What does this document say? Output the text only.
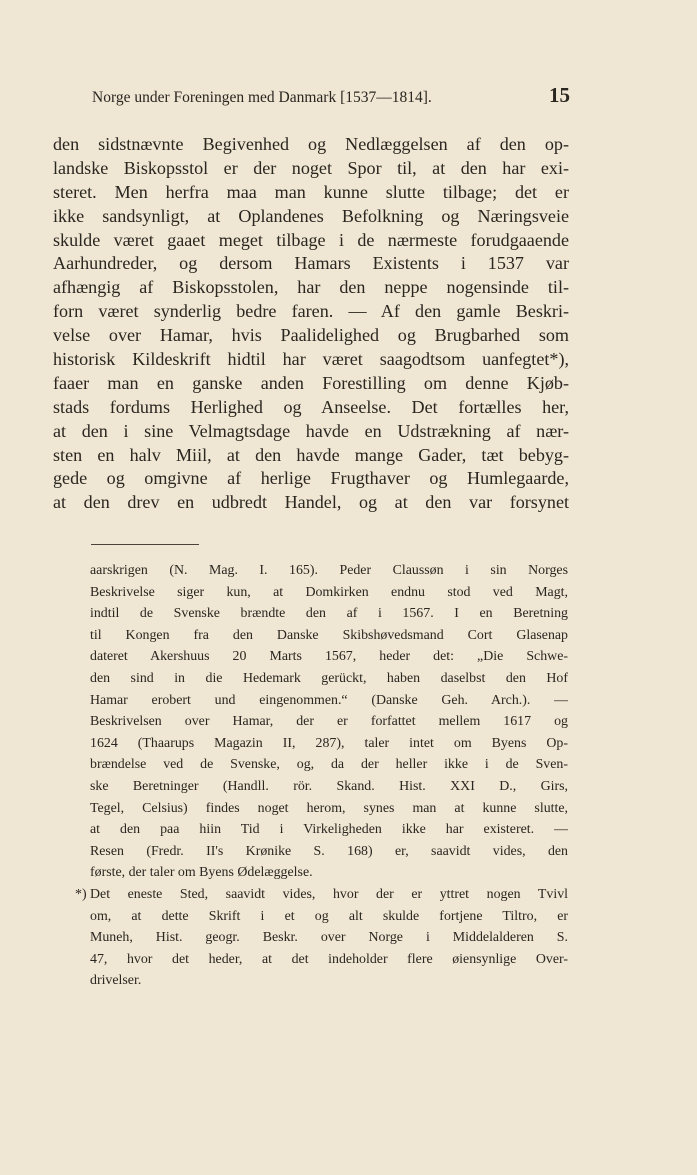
Norge under Foreningen med Danmark [1537—1814].	15
den sidstnævnte Begivenhed og Nedlæggelsen af den op-
landske Biskopsstol er der noget Spor til, at den har exi-
steret. Men herfra maa man kunne slutte tilbage; det er
ikke sandsynligt, at Oplandenes Befolkning og Næringsveie
skulde været gaaet meget tilbage i de nærmeste forudgaaende
Aarhundreder, og dersom Hamars Existents i 1537 var
afhængig af Biskopsstolen, har den neppe nogensinde til-
forn været synderlig bedre faren. — Af den gamle Beskri-
velse over Hamar, hvis Paalidelighed og Brugbarhed som
historisk Kildeskrift hidtil har været saagodtsom uanfegtet*),
faaer man en ganske anden Forestilling om denne Kjøb-
stads fordums Herlighed og Anseelse. Det fortælles her,
at den i sine Velmagtsdage havde en Udstrækning af nær-
sten en halv Miil, at den havde mange Gader, tæt bebyg-
gede og omgivne af herlige Frugthaver og Humlegaarde,
at den drev en udbredt Handel, og at den var forsynet
aarskrigen (N. Mag. I. 165). Peder Claussøn i sin Norges
Beskrivelse siger kun, at Domkirken endnu stod ved Magt,
indtil de Svenske brændte den af i 1567. I en Beretning
til Kongen fra den Danske Skibshøvedsmand Cort Glasenap
dateret Akershuus 20 Marts 1567, heder det: „Die Schwe-
den sind in die Hedemark gerückt, haben daselbst den Hof
Hamar erobert und eingenommen.“ (Danske Geh. Arch.). —
Beskrivelsen over Hamar, der er forfattet mellem 1617 og
1624 (Thaarups Magazin II, 287), taler intet om Byens Op-
brændelse ved de Svenske, og, da der heller ikke i de Sven-
ske Beretninger (Handll. rör. Skand. Hist. XXI D., Girs,
Tegel, Celsius) findes noget herom, synes man at kunne slutte,
at den paa hiin Tid i Virkeligheden ikke har existeret. —
Resen (Fredr. II's Krønike S. 168) er, saavidt vides, den
første, der taler om Byens Ødelæggelse.
*) Det eneste Sted, saavidt vides, hvor der er yttret nogen Tvivl
om, at dette Skrift i et og alt skulde fortjene Tiltro, er
Muneh, Hist. geogr. Beskr. over Norge i Middelalderen S.
47, hvor det heder, at det indeholder flere øiensynlige Over-
drivelser.
